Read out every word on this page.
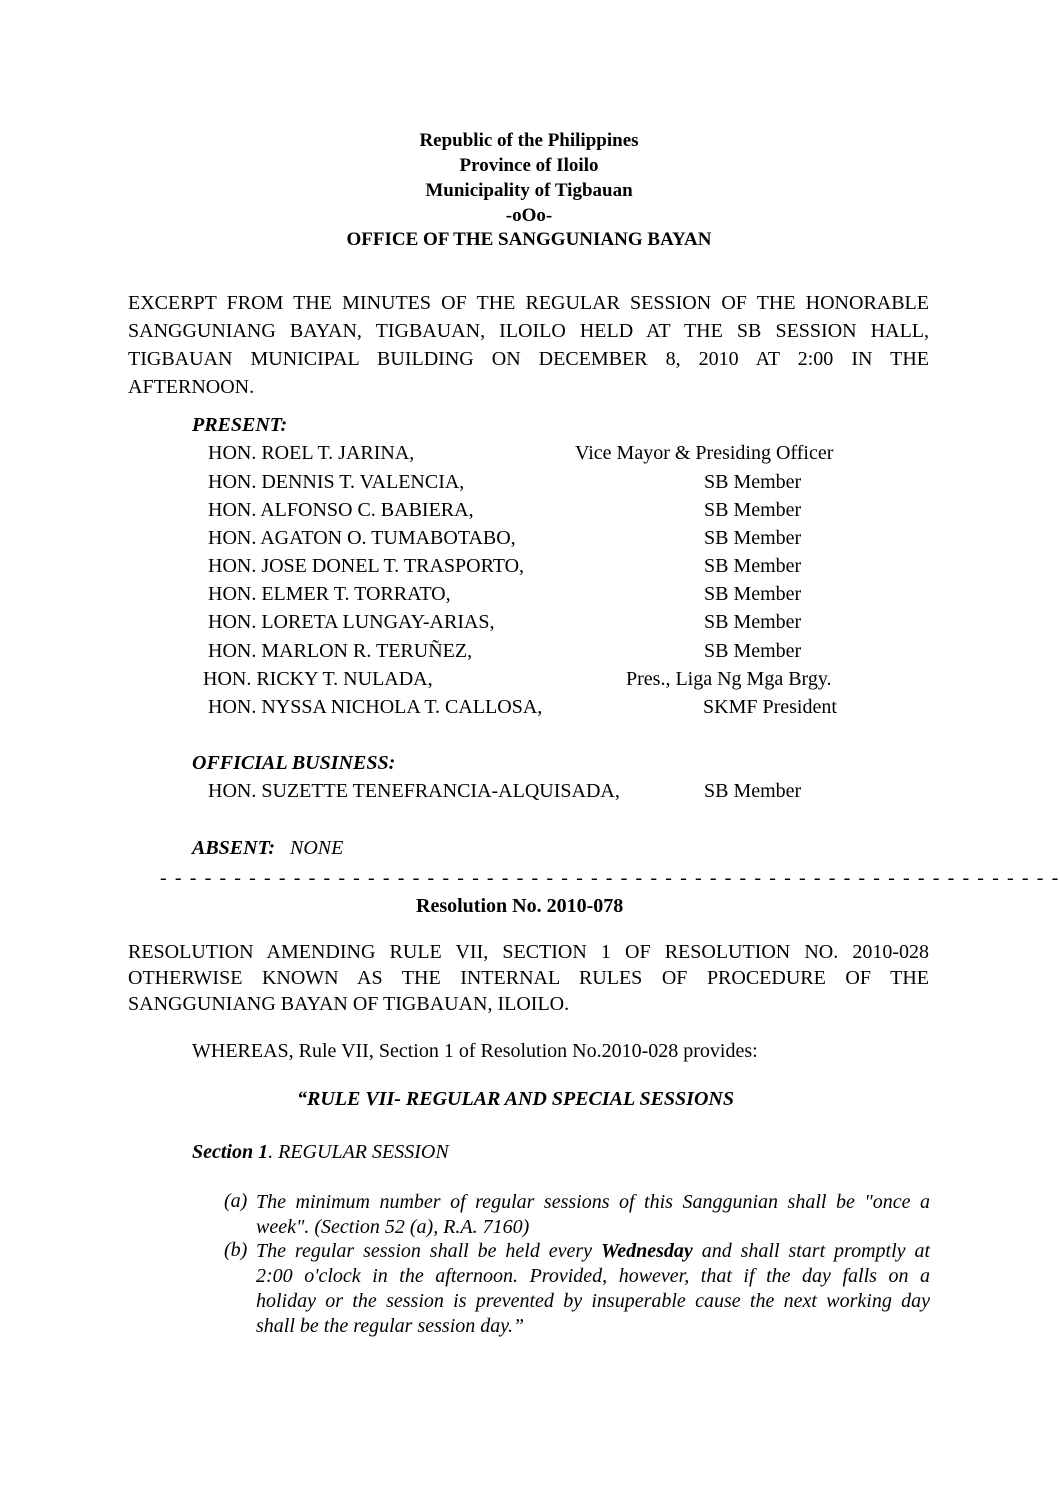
Republic of the Philippines

Province of Iloilo

Municipality of Tigbauan

-oOo-

OFFICE OF THE SANGGUNIANG BAYAN

EXCERPT FROM THE MINUTES OF THE REGULAR SESSION OF THE HONORABLE
SANGGUNIANG BAYAN, TIGBAUAN, ILOILO HELD AT THE SB SESSION HALL,
TIGBAUAN MUNICIPAL BUILDING ON DECEMBER 8, 2010 AT 2:00 IN THE
AFTERNOON.

PRESENT:

HON. ROEL T. JARINA,	Vice Mayor & Presiding Officer
HON. DENNIS T. VALENCIA,	SB Member
HON. ALFONSO C. BABIERA,	SB Member
HON. AGATON O. TUMABOTABO,	SB Member
HON. JOSE DONEL T. TRASPORTO,	SB Member
HON. ELMER T. TORRATO,	SB Member
HON. LORETA LUNGAY-ARIAS,	SB Member
HON. MARLON R. TERUÑEZ,	SB Member
HON. RICKY T. NULADA,	Pres., Liga Ng Mga Brgy.
HON. NYSSA NICHOLA T. CALLOSA,	SKMF President

OFFICIAL BUSINESS:

HON. SUZETTE TENEFRANCIA-ALQUISADA,	SB Member

ABSENT: NONE

- - - - - - - - - - - - - - - - - - - - - - - - - - - - - - - - - - - - - - - - - - - - - - - - - - - - - - - - - - - - -

Resolution No. 2010-078

RESOLUTION AMENDING RULE VII, SECTION 1 OF RESOLUTION NO. 2010-028
OTHERWISE KNOWN AS THE INTERNAL RULES OF PROCEDURE OF THE
SANGGUNIANG BAYAN OF TIGBAUAN, ILOILO.

WHEREAS, Rule VII, Section 1 of Resolution No.2010-028 provides:

“RULE VII- REGULAR AND SPECIAL SESSIONS

Section 1. REGULAR SESSION

(a) The minimum number of regular sessions of this Sanggunian shall be "once a
week". (Section 52 (a), R.A. 7160)
(b) The regular session shall be held every Wednesday and shall start promptly at
2:00 o'clock in the afternoon. Provided, however, that if the day falls on a
holiday or the session is prevented by insuperable cause the next working day
shall be the regular session day.”
